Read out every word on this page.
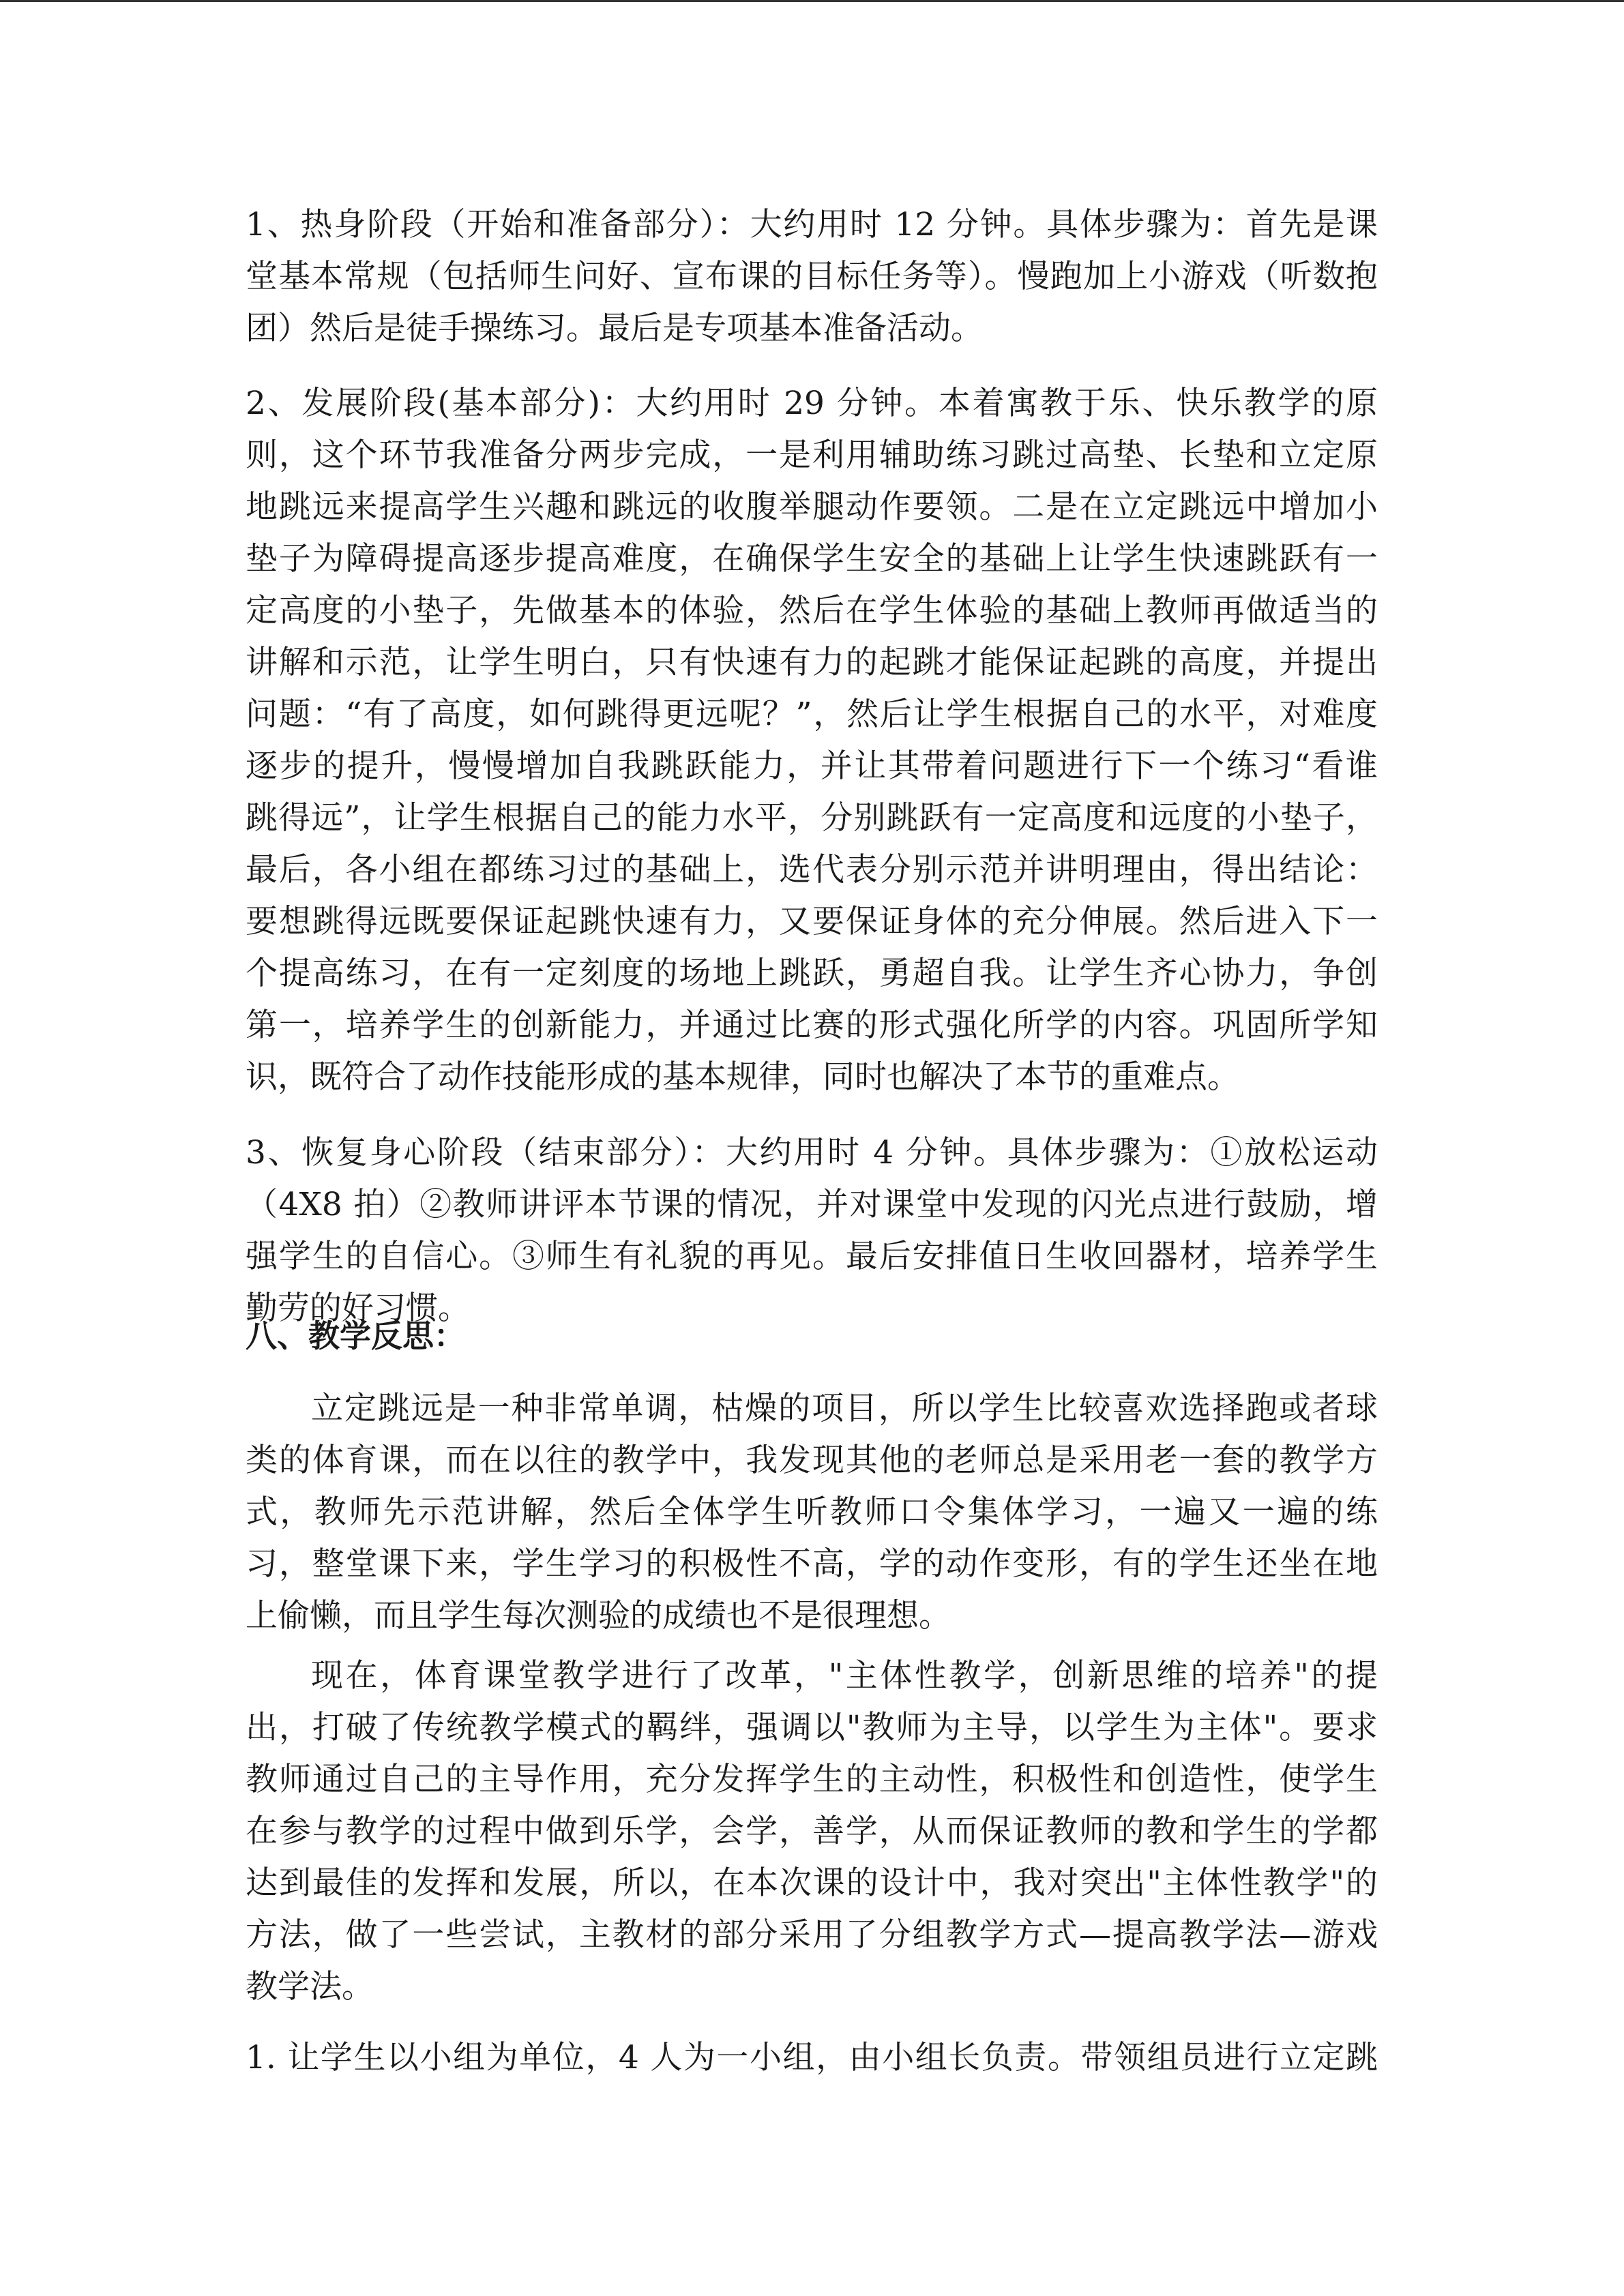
1、热身阶段（开始和准备部分）：大约用时 12 分钟。具体步骤为：首先是课
堂基本常规（包括师生问好、宣布课的目标任务等）。慢跑加上小游戏（听数抱
团）然后是徒手操练习。最后是专项基本准备活动。
2、发展阶段(基本部分)：大约用时 29 分钟。本着寓教于乐、快乐教学的原
则，这个环节我准备分两步完成，一是利用辅助练习跳过高垫、长垫和立定原
地跳远来提高学生兴趣和跳远的收腹举腿动作要领。二是在立定跳远中增加小
垫子为障碍提高逐步提高难度，在确保学生安全的基础上让学生快速跳跃有一
定高度的小垫子，先做基本的体验，然后在学生体验的基础上教师再做适当的
讲解和示范，让学生明白，只有快速有力的起跳才能保证起跳的高度，并提出
问题：“有了高度，如何跳得更远呢？”，然后让学生根据自己的水平，对难度
逐步的提升，慢慢增加自我跳跃能力，并让其带着问题进行下一个练习“看谁
跳得远”，让学生根据自己的能力水平，分别跳跃有一定高度和远度的小垫子，
最后，各小组在都练习过的基础上，选代表分别示范并讲明理由，得出结论：
要想跳得远既要保证起跳快速有力，又要保证身体的充分伸展。然后进入下一
个提高练习，在有一定刻度的场地上跳跃，勇超自我。让学生齐心协力，争创
第一，培养学生的创新能力，并通过比赛的形式强化所学的内容。巩固所学知
识，既符合了动作技能形成的基本规律，同时也解决了本节的重难点。
3、恢复身心阶段（结束部分）：大约用时 4 分钟。具体步骤为：①放松运动
（4X8 拍）②教师讲评本节课的情况，并对课堂中发现的闪光点进行鼓励，增
强学生的自信心。③师生有礼貌的再见。最后安排值日生收回器材，培养学生
勤劳的好习惯。
八、教学反思：
立定跳远是一种非常单调，枯燥的项目，所以学生比较喜欢选择跑或者球
类的体育课，而在以往的教学中，我发现其他的老师总是采用老一套的教学方
式，教师先示范讲解，然后全体学生听教师口令集体学习，一遍又一遍的练
习，整堂课下来，学生学习的积极性不高，学的动作变形，有的学生还坐在地
上偷懒，而且学生每次测验的成绩也不是很理想。
现在，体育课堂教学进行了改革，"主体性教学，创新思维的培养"的提
出，打破了传统教学模式的羁绊，强调以"教师为主导，以学生为主体"。要求
教师通过自己的主导作用，充分发挥学生的主动性，积极性和创造性，使学生
在参与教学的过程中做到乐学，会学，善学，从而保证教师的教和学生的学都
达到最佳的发挥和发展，所以，在本次课的设计中，我对突出"主体性教学"的
方法，做了一些尝试，主教材的部分采用了分组教学方式—提高教学法—游戏
教学法。
1. 让学生以小组为单位，4 人为一小组，由小组长负责。带领组员进行立定跳
